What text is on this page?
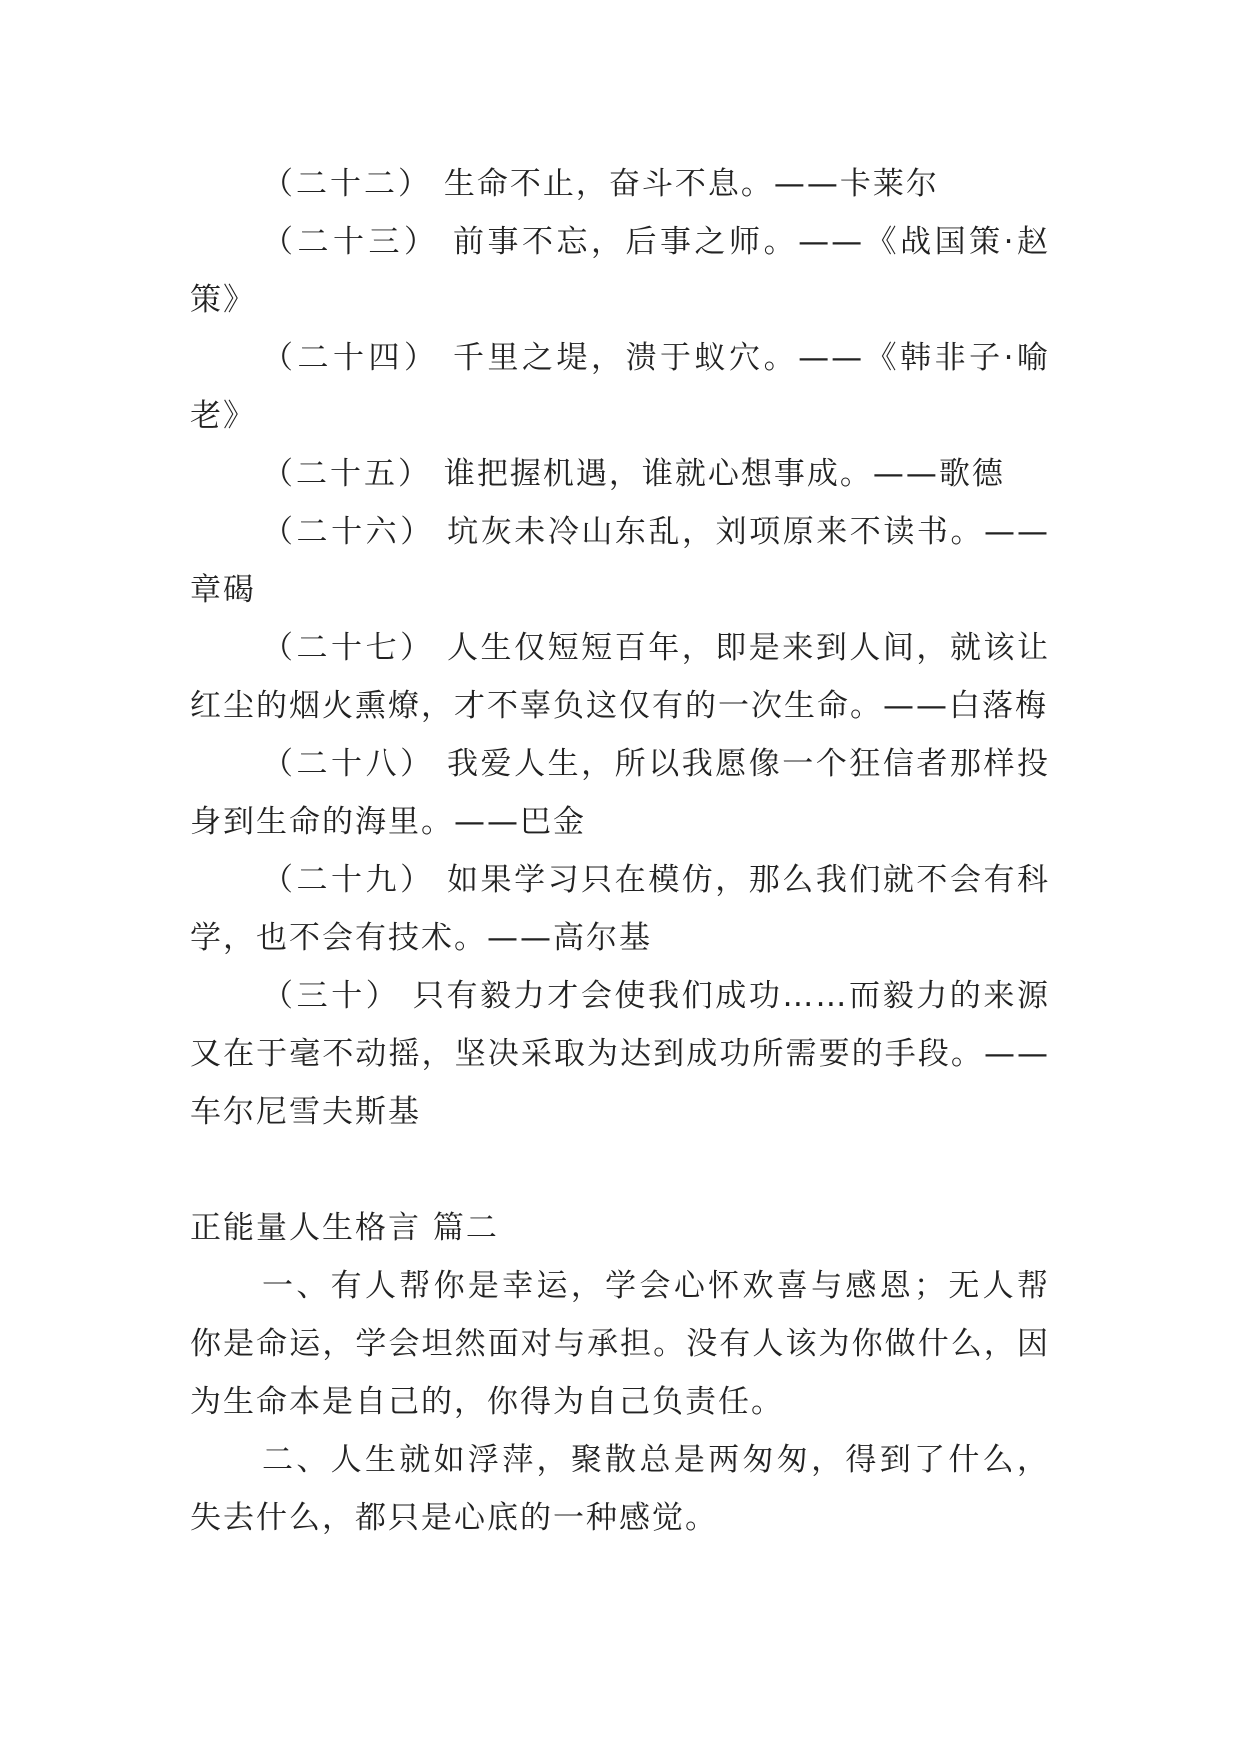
（二十二） 生命不止，奋斗不息。——卡莱尔

（二十三） 前事不忘，后事之师。——《战国策·赵策》

（二十四） 千里之堤，溃于蚁穴。——《韩非子·喻老》

（二十五） 谁把握机遇，谁就心想事成。——歌德

（二十六） 坑灰未冷山东乱，刘项原来不读书。——章碣

（二十七） 人生仅短短百年，即是来到人间，就该让红尘的烟火熏燎，才不辜负这仅有的一次生命。——白落梅

（二十八） 我爱人生，所以我愿像一个狂信者那样投身到生命的海里。——巴金

（二十九） 如果学习只在模仿，那么我们就不会有科学，也不会有技术。——高尔基

（三十） 只有毅力才会使我们成功……而毅力的来源又在于毫不动摇，坚决采取为达到成功所需要的手段。——车尔尼雪夫斯基

正能量人生格言 篇二

一、有人帮你是幸运，学会心怀欢喜与感恩；无人帮你是命运，学会坦然面对与承担。没有人该为你做什么，因为生命本是自己的，你得为自己负责任。

二、人生就如浮萍，聚散总是两匆匆，得到了什么，失去什么，都只是心底的一种感觉。
